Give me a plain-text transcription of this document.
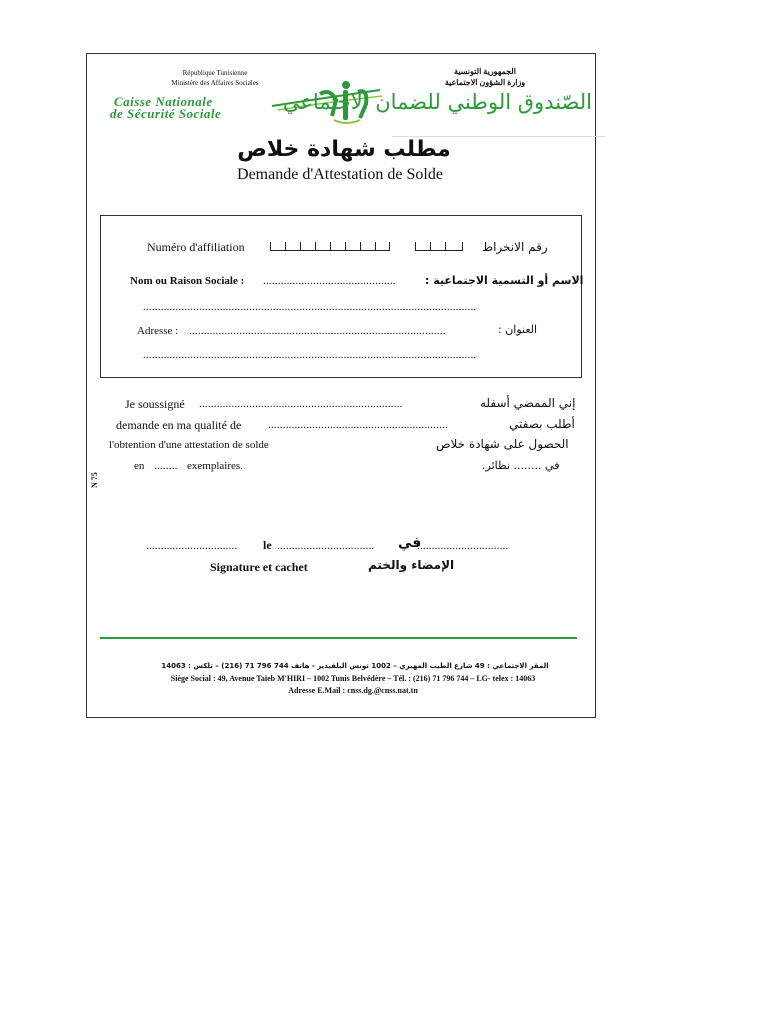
République Tunisienne
Ministère des Affaires Sociales
الجمهورية التونسية
وزارة الشؤون الاجتماعية
Caisse Nationale
de Sécurité Sociale	الصّندوق الوطني للضمان الاجتماعي
مطلب شهادة خلاص
Demande d'Attestation de Solde
Numéro d'affiliation	رقم الانخراط
Nom ou Raison Sociale : .............................................	الاسم أو التسمية الاجتماعية :
.................................................................................................................
Adresse : .......................................................................................	العنوان :
.................................................................................................................
Je soussigné .....................................................................	إني الممضي أسفله
demande en ma qualité de .............................................................	أطلب بصفتي
l'obtention d'une attestation de solde	الحصول على شهادة خلاص
en ........ exemplaires.	في ........ نظائر.
N 75
............................... le ................................. في
...............................
Signature et cachet	الإمضاء والختم
المقر الاجتماعي : 49 شارع الطيب المهيري – 1002 تونس البلفيدير - هاتف 744 796 71 (216) – تلكس : 14063
Siège Social : 49, Avenue Taïeb M'HIRI – 1002 Tunis Belvédère – Tél. : (216) 71 796 744 – LG- telex : 14063
Adresse E.Mail : cnss.dg.@cnss.nat.tn
